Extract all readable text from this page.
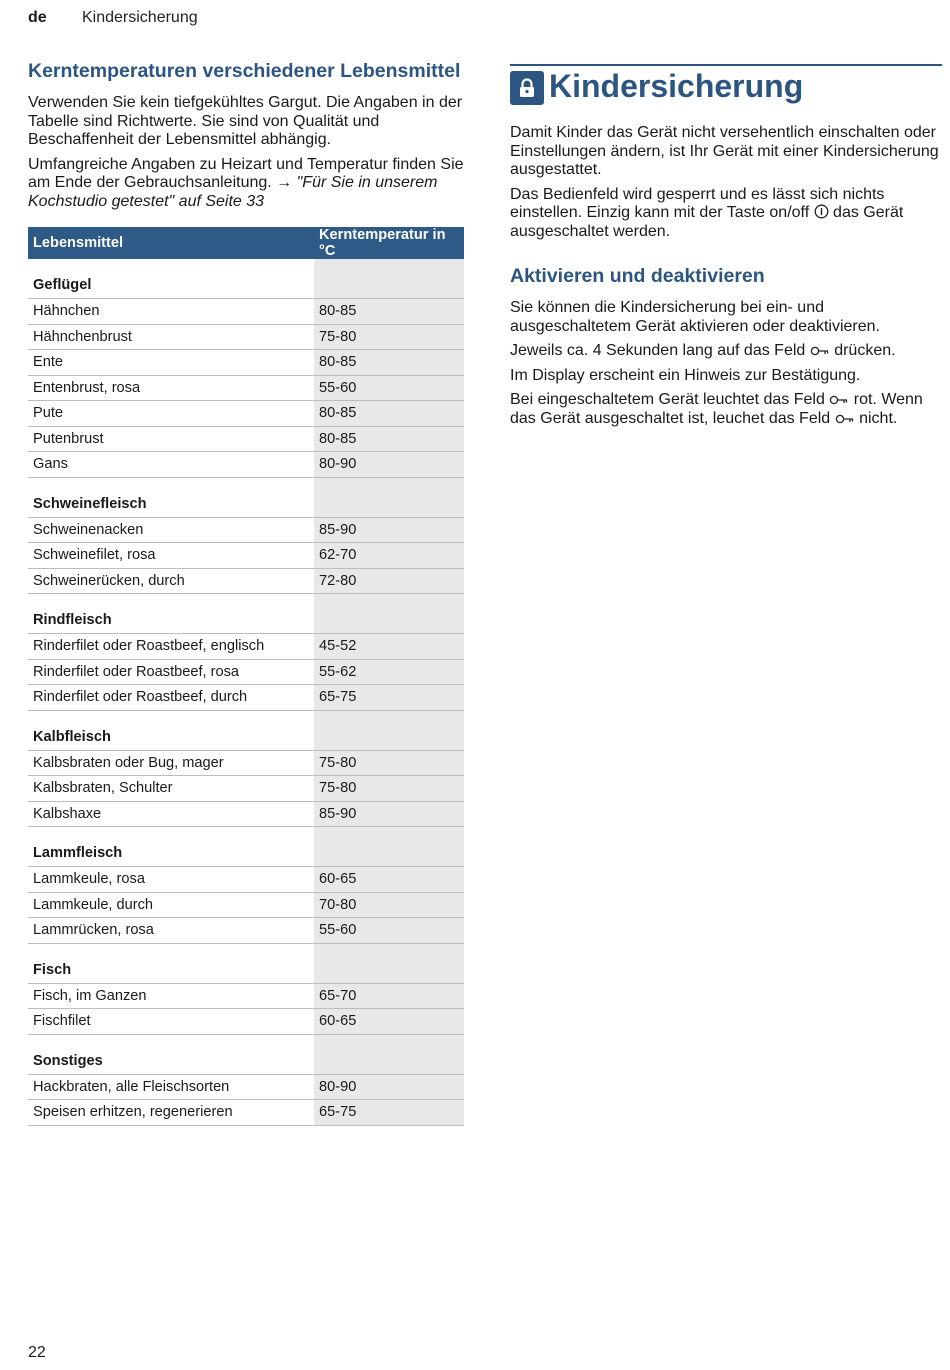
de Kindersicherung
Kerntemperaturen verschiedener Lebensmittel

Verwenden Sie kein tiefgekühltes Gargut. Die Angaben in der Tabelle sind Richtwerte. Sie sind von Qualität und Beschaffenheit der Lebensmittel abhängig.

Umfangreiche Angaben zu Heizart und Temperatur finden Sie am Ende der Gebrauchsanleitung. → "Für Sie in unserem Kochstudio getestet" auf Seite 33

Lebensmittel	Kerntemperatur in °C
Geflügel	
Hähnchen	80-85
Hähnchenbrust	75-80
Ente	80-85
Entenbrust, rosa	55-60
Pute	80-85
Putenbrust	80-85
Gans	80-90
Schweinefleisch	
Schweinenacken	85-90
Schweinefilet, rosa	62-70
Schweinerücken, durch	72-80
Rindfleisch	
Rinderfilet oder Roastbeef, englisch	45-52
Rinderfilet oder Roastbeef, rosa	55-62
Rinderfilet oder Roastbeef, durch	65-75
Kalbfleisch	
Kalbsbraten oder Bug, mager	75-80
Kalbsbraten, Schulter	75-80
Kalbshaxe	85-90
Lammfleisch	
Lammkeule, rosa	60-65
Lammkeule, durch	70-80
Lammrücken, rosa	55-60
Fisch	
Fisch, im Ganzen	65-70
Fischfilet	60-65
Sonstiges	
Hackbraten, alle Fleischsorten	80-90
Speisen erhitzen, regenerieren	65-75
Kindersicherung

Damit Kinder das Gerät nicht versehentlich einschalten oder Einstellungen ändern, ist Ihr Gerät mit einer Kindersicherung ausgestattet.

Das Bedienfeld wird gesperrt und es lässt sich nichts einstellen. Einzig kann mit der Taste on/off das Gerät ausgeschaltet werden.

Aktivieren und deaktivieren

Sie können die Kindersicherung bei ein- und ausgeschaltetem Gerät aktivieren oder deaktivieren.

Jeweils ca. 4 Sekunden lang auf das Feld drücken.

Im Display erscheint ein Hinweis zur Bestätigung.

Bei eingeschaltetem Gerät leuchtet das Feld rot. Wenn das Gerät ausgeschaltet ist, leuchet das Feld nicht.

22
